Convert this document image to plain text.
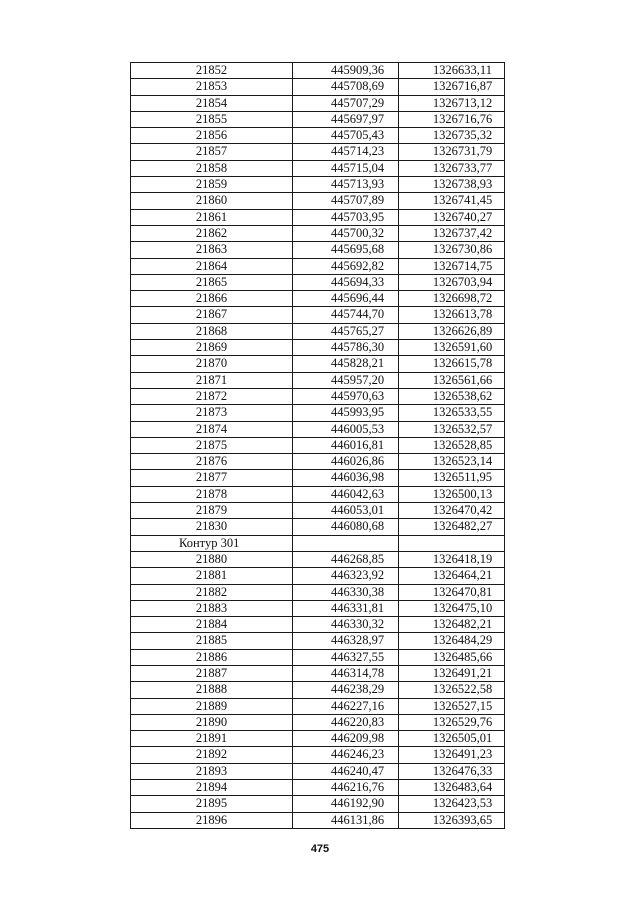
21852	445909,36	1326633,11
21853	445708,69	1326716,87
21854	445707,29	1326713,12
21855	445697,97	1326716,76
21856	445705,43	1326735,32
21857	445714,23	1326731,79
21858	445715,04	1326733,77
21859	445713,93	1326738,93
21860	445707,89	1326741,45
21861	445703,95	1326740,27
21862	445700,32	1326737,42
21863	445695,68	1326730,86
21864	445692,82	1326714,75
21865	445694,33	1326703,94
21866	445696,44	1326698,72
21867	445744,70	1326613,78
21868	445765,27	1326626,89
21869	445786,30	1326591,60
21870	445828,21	1326615,78
21871	445957,20	1326561,66
21872	445970,63	1326538,62
21873	445993,95	1326533,55
21874	446005,53	1326532,57
21875	446016,81	1326528,85
21876	446026,86	1326523,14
21877	446036,98	1326511,95
21878	446042,63	1326500,13
21879	446053,01	1326470,42
21830	446080,68	1326482,27
Контур 301		
21880	446268,85	1326418,19
21881	446323,92	1326464,21
21882	446330,38	1326470,81
21883	446331,81	1326475,10
21884	446330,32	1326482,21
21885	446328,97	1326484,29
21886	446327,55	1326485,66
21887	446314,78	1326491,21
21888	446238,29	1326522,58
21889	446227,16	1326527,15
21890	446220,83	1326529,76
21891	446209,98	1326505,01
21892	446246,23	1326491,23
21893	446240,47	1326476,33
21894	446216,76	1326483,64
21895	446192,90	1326423,53
21896	446131,86	1326393,65
475
